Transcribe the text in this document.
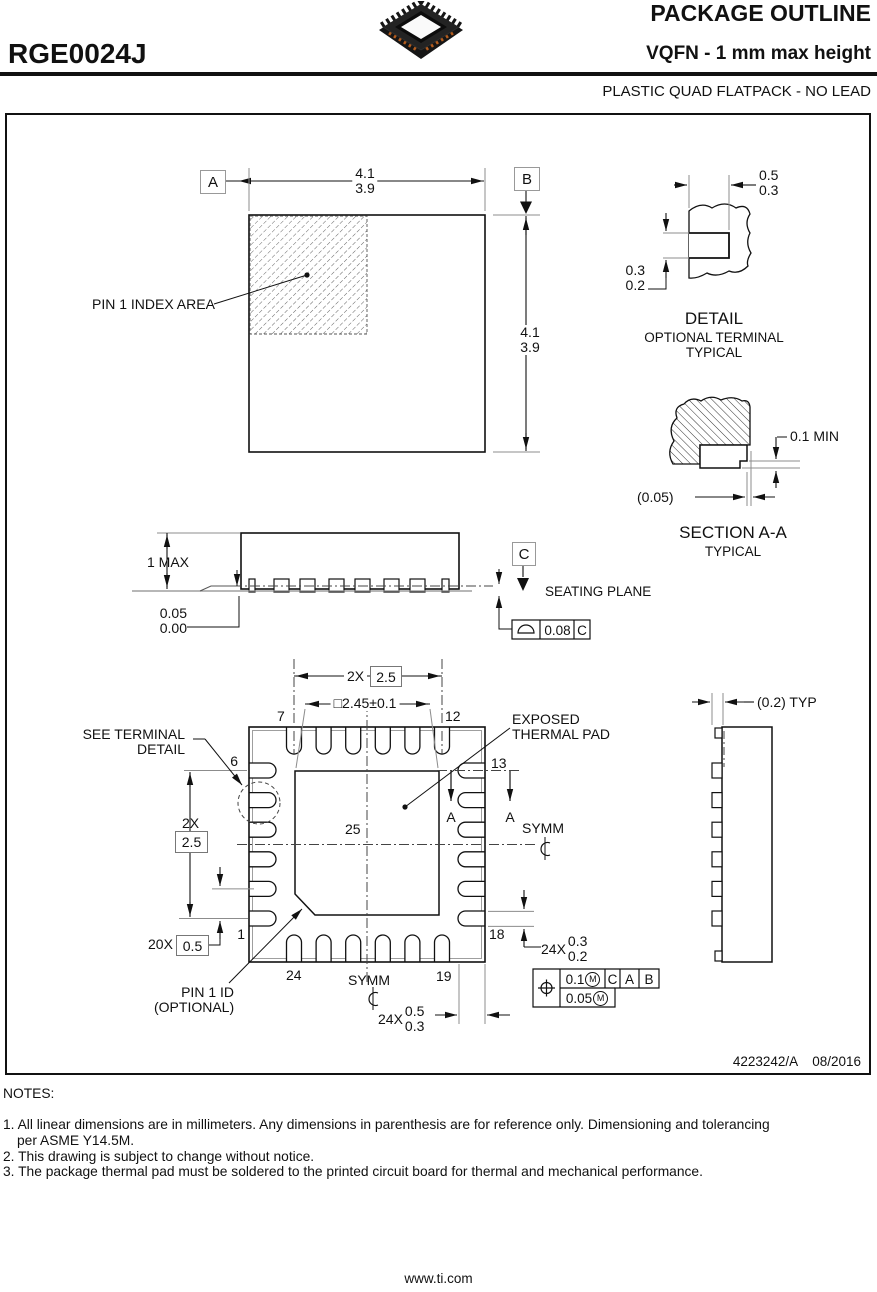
RGE0024J
PACKAGE OUTLINE
VQFN - 1 mm max height
PLASTIC QUAD FLATPACK - NO LEAD
A	B
4.1
3.9
4.1
3.9
PIN 1 INDEX AREA
0.5
0.3
0.3
0.2
DETAIL
OPTIONAL TERMINAL
TYPICAL
0.1 MIN
(0.05)
SECTION A-A
TYPICAL
1 MAX
0.05
0.00
C
SEATING PLANE
0.08 C
SEE TERMINAL
DETAIL
EXPOSED
THERMAL PAD
2X 2.5
□2.45±0.1
2X
2.5
20X 0.5
PIN 1 ID
(OPTIONAL)
SYMM
SYMM
A	A
24X 0.5
0.3
24X 0.3
0.2
(0.2) TYP
7	12
6	13
1	18
24	19
25
0.1 M C A B
0.05 M
4223242/A 08/2016
NOTES:
1. All linear dimensions are in millimeters. Any dimensions in parenthesis are for reference only. Dimensioning and tolerancing
per ASME Y14.5M.
2. This drawing is subject to change without notice.
3. The package thermal pad must be soldered to the printed circuit board for thermal and mechanical performance.
www.ti.com
